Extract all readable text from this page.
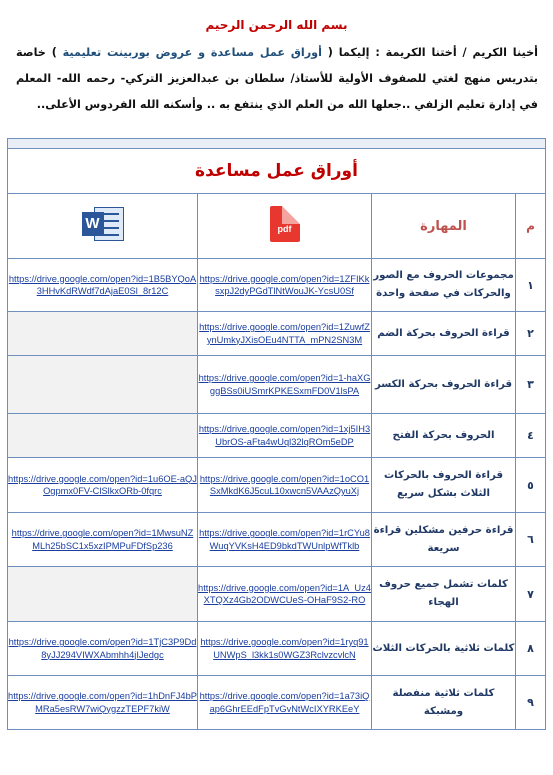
بسم الله الرحمن الرحيم
أخينا الكريم / أختنا الكريمة : إليكما ( أوراق عمل مساعدة و عروض بوربينت تعليمية ) خاصة بتدريس منهج لغتي للصفوف الأولية للأستاذ/ سلطان بن عبدالعزيز التركي- رحمه الله- المعلم في إدارة تعليم الزلفي ..جعلها الله من العلم الذي ينتفع به .. وأسكنه الله الفردوس الأعلى..

أوراق عمل مساعدة			
م	المهارة	pdf	W

١	مجموعات الحروف مع الصور والحركات في صفحة واحدة	https://drive.google.com/open?id=1ZFIKksxpJ2dyPGdTlNtWouJK-YcsU0Sf	https://drive.google.com/open?id=1B5BYQoA3HHvKdRWdf7dAjaE0Sl_8r12C
٢	قراءة الحروف بحركة الضم	https://drive.google.com/open?id=1ZuwfZynUmkyJXisOEu4NTTA_mPN2SN3M	
٣	قراءة الحروف بحركة الكسر	https://drive.google.com/open?id=1-haXGggBSs0iUSmrKPKESxmFD0V1lsPA	
٤	الحروف بحركة الفتح	https://drive.google.com/open?id=1xj5IH3UbrOS-aFta4wUql32lqROm5eDP	
٥	قراءة الحروف بالحركات الثلاث بشكل سريع	https://drive.google.com/open?id=1oCO1SxMkdK6J5cuL10xwcn5VAAzQyuXj	https://drive.google.com/open?id=1u6OE-aQJOgpmx0FV-ClSlkxORb-0fqrc
٦	قراءة حرفين مشكلين قراءة سريعة	https://drive.google.com/open?id=1rCYu8WuqYVKsH4ED9bkdTWUnlpWfTklb	https://drive.google.com/open?id=1MwsuNZMLh25bSC1x5xzIPMPuFDfSp236
٧	كلمات تشمل جميع حروف الهجاء	https://drive.google.com/open?id=1A_Uz4XTQXz4Gb2ODWCUeS-OHaF9S2-RO	
٨	كلمات ثلاثية بالحركات الثلاث	https://drive.google.com/open?id=1ryq91UNWpS_l3kk1s0WGZ3RclvzcvlcN	https://drive.google.com/open?id=1TjC3P9Dd8yJJ294VIWXAbmhh4jIJedgc
٩	كلمات ثلاثية منفصلة ومشبكة	https://drive.google.com/open?id=1a73iQap6GhrEEdFpTvGvNtWcIXYRKEeY	https://drive.google.com/open?id=1hDnFJ4bPMRa5esRW7wiQygzzTEPF7kiW
